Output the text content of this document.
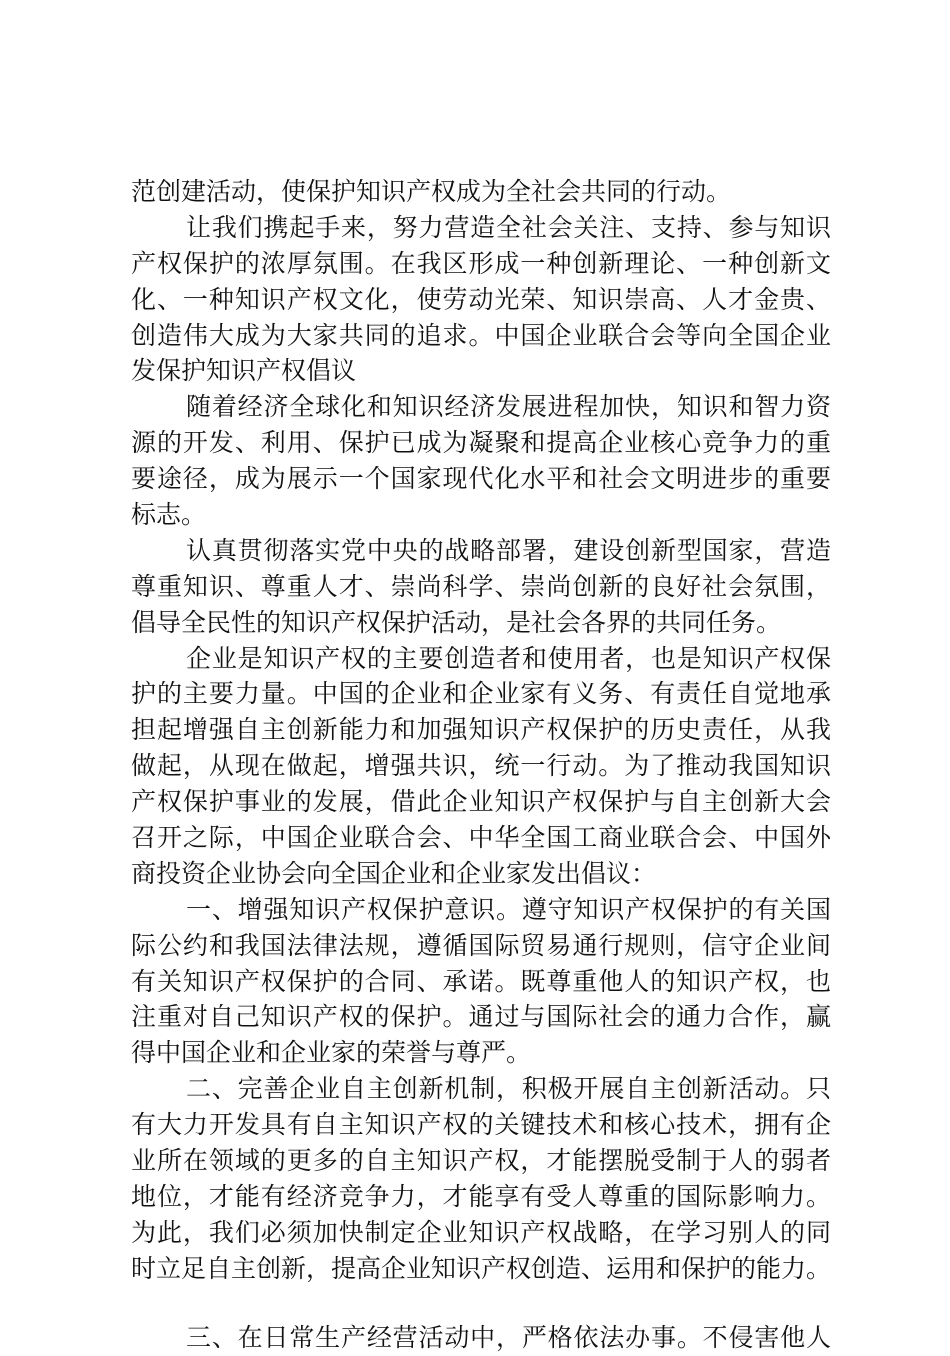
范创建活动，使保护知识产权成为全社会共同的行动。
让我们携起手来，努力营造全社会关注、支持、参与知识
产权保护的浓厚氛围。在我区形成一种创新理论、一种创新文
化、一种知识产权文化，使劳动光荣、知识崇高、人才金贵、
创造伟大成为大家共同的追求。中国企业联合会等向全国企业
发保护知识产权倡议
随着经济全球化和知识经济发展进程加快，知识和智力资
源的开发、利用、保护已成为凝聚和提高企业核心竞争力的重
要途径，成为展示一个国家现代化水平和社会文明进步的重要
标志。
认真贯彻落实党中央的战略部署，建设创新型国家，营造
尊重知识、尊重人才、崇尚科学、崇尚创新的良好社会氛围，
倡导全民性的知识产权保护活动，是社会各界的共同任务。
企业是知识产权的主要创造者和使用者，也是知识产权保
护的主要力量。中国的企业和企业家有义务、有责任自觉地承
担起增强自主创新能力和加强知识产权保护的历史责任，从我
做起，从现在做起，增强共识，统一行动。为了推动我国知识
产权保护事业的发展，借此企业知识产权保护与自主创新大会
召开之际，中国企业联合会、中华全国工商业联合会、中国外
商投资企业协会向全国企业和企业家发出倡议：
一、增强知识产权保护意识。遵守知识产权保护的有关国
际公约和我国法律法规，遵循国际贸易通行规则，信守企业间
有关知识产权保护的合同、承诺。既尊重他人的知识产权，也
注重对自己知识产权的保护。通过与国际社会的通力合作，赢
得中国企业和企业家的荣誉与尊严。
二、完善企业自主创新机制，积极开展自主创新活动。只
有大力开发具有自主知识产权的关键技术和核心技术，拥有企
业所在领域的更多的自主知识产权，才能摆脱受制于人的弱者
地位，才能有经济竞争力，才能享有受人尊重的国际影响力。
为此，我们必须加快制定企业知识产权战略，在学习别人的同
时立足自主创新，提高企业知识产权创造、运用和保护的能力。
三、在日常生产经营活动中，严格依法办事。不侵害他人
